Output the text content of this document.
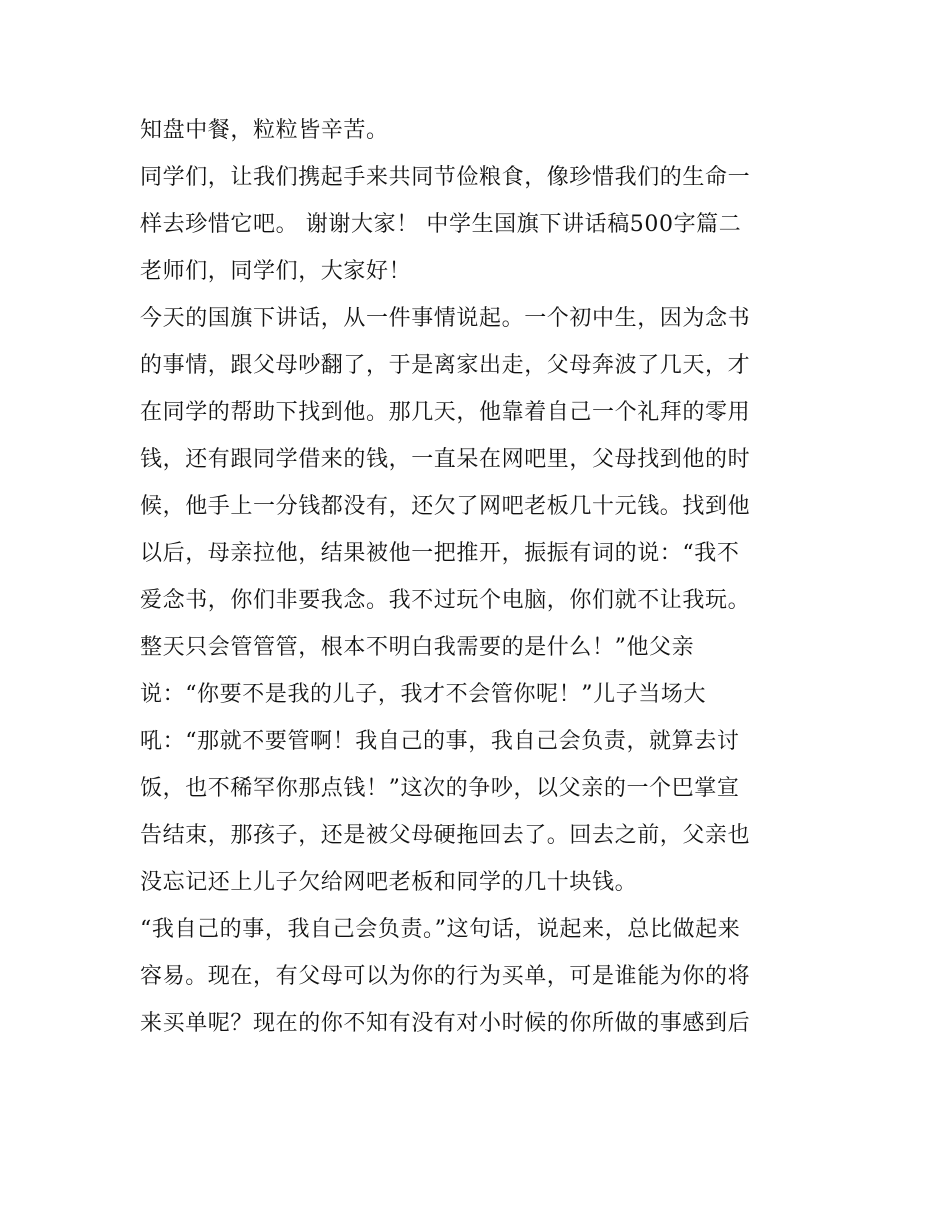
知盘中餐，粒粒皆辛苦。
同学们，让我们携起手来共同节俭粮食，像珍惜我们的生命一
样去珍惜它吧。 谢谢大家！ 中学生国旗下讲话稿500字篇二
老师们，同学们，大家好！
今天的国旗下讲话，从一件事情说起。一个初中生，因为念书
的事情，跟父母吵翻了，于是离家出走，父母奔波了几天，才
在同学的帮助下找到他。那几天，他靠着自己一个礼拜的零用
钱，还有跟同学借来的钱，一直呆在网吧里，父母找到他的时
候，他手上一分钱都没有，还欠了网吧老板几十元钱。找到他
以后，母亲拉他，结果被他一把推开，振振有词的说：“我不
爱念书，你们非要我念。我不过玩个电脑，你们就不让我玩。
整天只会管管管，根本不明白我需要的是什么！”他父亲
说：“你要不是我的儿子，我才不会管你呢！”儿子当场大
吼：“那就不要管啊！我自己的事，我自己会负责，就算去讨
饭，也不稀罕你那点钱！”这次的争吵，以父亲的一个巴掌宣
告结束，那孩子，还是被父母硬拖回去了。回去之前，父亲也
没忘记还上儿子欠给网吧老板和同学的几十块钱。
“我自己的事，我自己会负责。”这句话，说起来，总比做起来
容易。现在，有父母可以为你的行为买单，可是谁能为你的将
来买单呢？现在的你不知有没有对小时候的你所做的事感到后
